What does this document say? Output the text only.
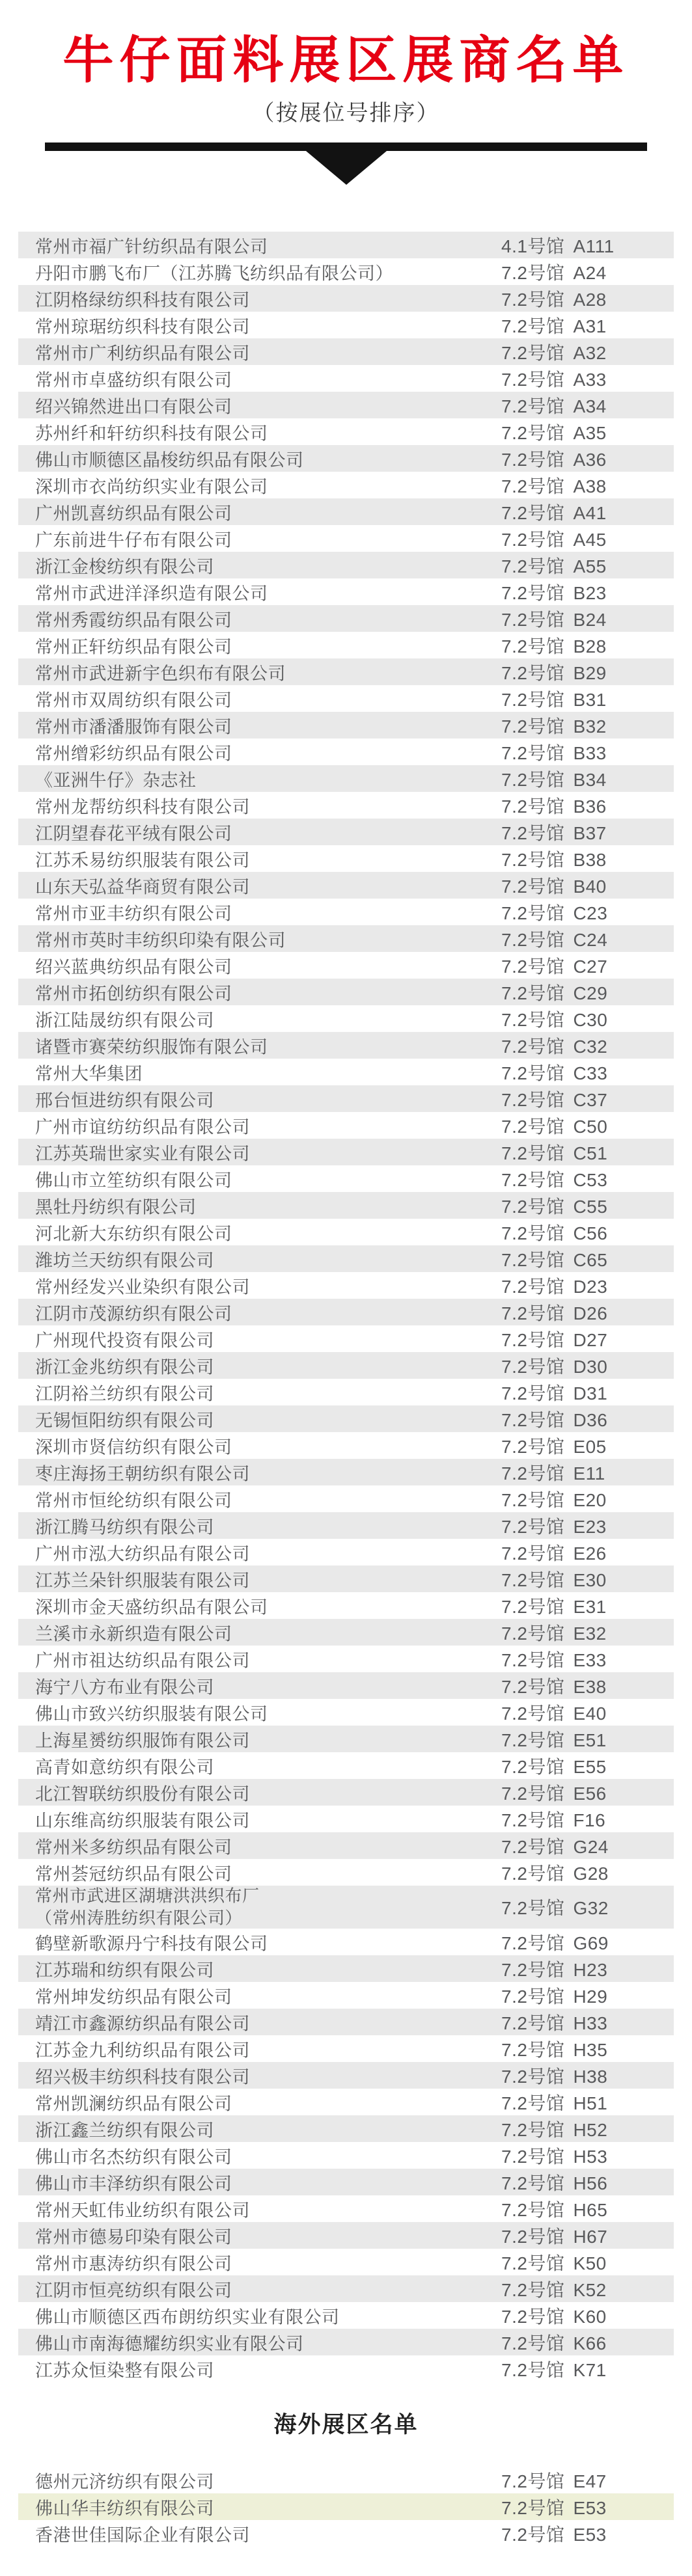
牛仔面料展区展商名单
（按展位号排序）
常州市福广针纺织品有限公司	4.1号馆 A111
丹阳市鹏飞布厂（江苏腾飞纺织品有限公司）	7.2号馆 A24
江阴格绿纺织科技有限公司	7.2号馆 A28
常州琼琚纺织科技有限公司	7.2号馆 A31
常州市广利纺织品有限公司	7.2号馆 A32
常州市卓盛纺织有限公司	7.2号馆 A33
绍兴锦然进出口有限公司	7.2号馆 A34
苏州纤和轩纺织科技有限公司	7.2号馆 A35
佛山市顺德区晶梭纺织品有限公司	7.2号馆 A36
深圳市衣尚纺织实业有限公司	7.2号馆 A38
广州凯喜纺织品有限公司	7.2号馆 A41
广东前进牛仔布有限公司	7.2号馆 A45
浙江金梭纺织有限公司	7.2号馆 A55
常州市武进洋泽织造有限公司	7.2号馆 B23
常州秀霞纺织品有限公司	7.2号馆 B24
常州正轩纺织品有限公司	7.2号馆 B28
常州市武进新宇色织布有限公司	7.2号馆 B29
常州市双周纺织有限公司	7.2号馆 B31
常州市潘潘服饰有限公司	7.2号馆 B32
常州缯彩纺织品有限公司	7.2号馆 B33
《亚洲牛仔》杂志社	7.2号馆 B34
常州龙帮纺织科技有限公司	7.2号馆 B36
江阴望春花平绒有限公司	7.2号馆 B37
江苏禾易纺织服装有限公司	7.2号馆 B38
山东天弘益华商贸有限公司	7.2号馆 B40
常州市亚丰纺织有限公司	7.2号馆 C23
常州市英时丰纺织印染有限公司	7.2号馆 C24
绍兴蓝典纺织品有限公司	7.2号馆 C27
常州市拓创纺织有限公司	7.2号馆 C29
浙江陆晟纺织有限公司	7.2号馆 C30
诸暨市赛荣纺织服饰有限公司	7.2号馆 C32
常州大华集团	7.2号馆 C33
邢台恒进纺织有限公司	7.2号馆 C37
广州市谊纺纺织品有限公司	7.2号馆 C50
江苏英瑞世家实业有限公司	7.2号馆 C51
佛山市立笙纺织有限公司	7.2号馆 C53
黑牡丹纺织有限公司	7.2号馆 C55
河北新大东纺织有限公司	7.2号馆 C56
潍坊兰天纺织有限公司	7.2号馆 C65
常州经发兴业染织有限公司	7.2号馆 D23
江阴市茂源纺织有限公司	7.2号馆 D26
广州现代投资有限公司	7.2号馆 D27
浙江金兆纺织有限公司	7.2号馆 D30
江阴裕兰纺织有限公司	7.2号馆 D31
无锡恒阳纺织有限公司	7.2号馆 D36
深圳市贤信纺织有限公司	7.2号馆 E05
枣庄海扬王朝纺织有限公司	7.2号馆 E11
常州市恒纶纺织有限公司	7.2号馆 E20
浙江腾马纺织有限公司	7.2号馆 E23
广州市泓大纺织品有限公司	7.2号馆 E26
江苏兰朵针织服装有限公司	7.2号馆 E30
深圳市金天盛纺织品有限公司	7.2号馆 E31
兰溪市永新织造有限公司	7.2号馆 E32
广州市祖达纺织品有限公司	7.2号馆 E33
海宁八方布业有限公司	7.2号馆 E38
佛山市致兴纺织服装有限公司	7.2号馆 E40
上海星赟纺织服饰有限公司	7.2号馆 E51
高青如意纺织有限公司	7.2号馆 E55
北江智联纺织股份有限公司	7.2号馆 E56
山东维高纺织服装有限公司	7.2号馆 F16
常州米多纺织品有限公司	7.2号馆 G24
常州荟冠纺织品有限公司	7.2号馆 G28
常州市武进区湖塘洪洪织布厂
（常州涛胜纺织有限公司）	7.2号馆 G32
鹤壁新歌源丹宁科技有限公司	7.2号馆 G69
江苏瑞和纺织有限公司	7.2号馆 H23
常州坤发纺织品有限公司	7.2号馆 H29
靖江市鑫源纺织品有限公司	7.2号馆 H33
江苏金九利纺织品有限公司	7.2号馆 H35
绍兴极丰纺织科技有限公司	7.2号馆 H38
常州凯澜纺织品有限公司	7.2号馆 H51
浙江鑫兰纺织有限公司	7.2号馆 H52
佛山市名杰纺织有限公司	7.2号馆 H53
佛山市丰泽纺织有限公司	7.2号馆 H56
常州天虹伟业纺织有限公司	7.2号馆 H65
常州市德易印染有限公司	7.2号馆 H67
常州市惠涛纺织有限公司	7.2号馆 K50
江阴市恒亮纺织有限公司	7.2号馆 K52
佛山市顺德区西布朗纺织实业有限公司	7.2号馆 K60
佛山市南海德耀纺织实业有限公司	7.2号馆 K66
江苏众恒染整有限公司	7.2号馆 K71
海外展区名单
德州元济纺织有限公司	7.2号馆 E47
佛山华丰纺织有限公司	7.2号馆 E53
香港世佳国际企业有限公司	7.2号馆 E53
